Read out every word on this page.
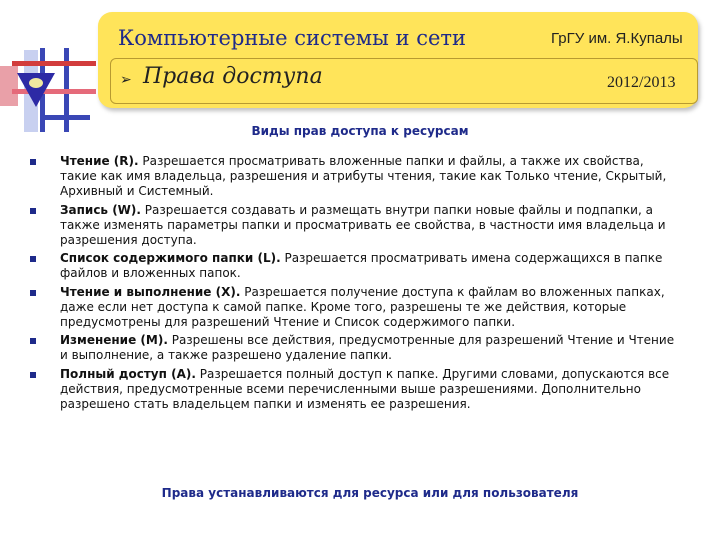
Компьютерные системы и сети	ГрГУ им. Я.Купалы
➢ Права доступа	2012/2013
Виды прав доступа к ресурсам
Чтение (R). Разрешается просматривать вложенные папки и файлы, а также их свойства, такие как имя владельца, разрешения и атрибуты чтения, такие как Только чтение, Скрытый, Архивный и Системный.
Запись (W). Разрешается создавать и размещать внутри папки новые файлы и подпапки, а также изменять параметры папки и просматривать ее свойства, в частности имя владельца и разрешения доступа.
Список содержимого папки (L). Разрешается просматривать имена содержащихся в папке файлов и вложенных папок.
Чтение и выполнение (X). Разрешается получение доступа к файлам во вложенных папках, даже если нет доступа к самой папке. Кроме того, разрешены те же действия, которые предусмотрены для разрешений Чтение и Список содержимого папки.
Изменение (M). Разрешены все действия, предусмотренные для разрешений Чтение и Чтение и выполнение, а также разрешено удаление папки.
Полный доступ (A). Разрешается полный доступ к папке. Другими словами, допускаются все действия, предусмотренные всеми перечисленными выше разрешениями. Дополнительно разрешено стать владельцем папки и изменять ее разрешения.
Права устанавливаются для ресурса или для пользователя
